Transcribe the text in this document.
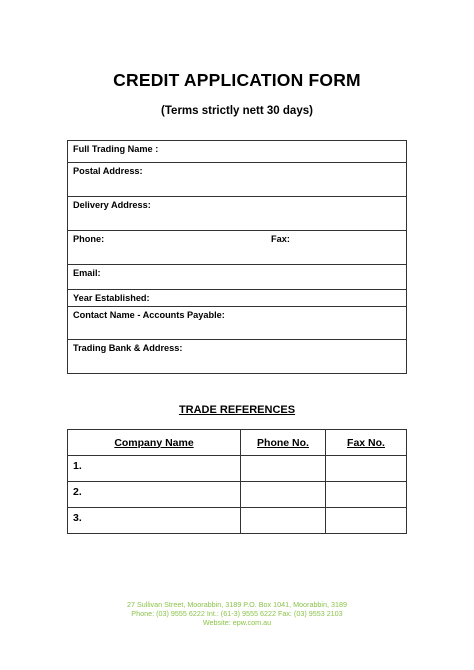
CREDIT APPLICATION FORM
(Terms strictly nett 30 days)
Full Trading Name :
Postal Address:
Delivery Address:
Phone:	Fax:

Email:
Year Established:
Contact Name - Accounts Payable:
Trading Bank & Address:
TRADE REFERENCES
Company Name	Phone No.	Fax No.
1.		
2.		
3.		
27 Sullivan Street, Moorabbin, 3189 P.O. Box 1041, Moorabbin, 3189
Phone: (03) 9555 6222 Int.: (61-3) 9555 6222 Fax: (03) 9553 2103
Website: epw.com.au
